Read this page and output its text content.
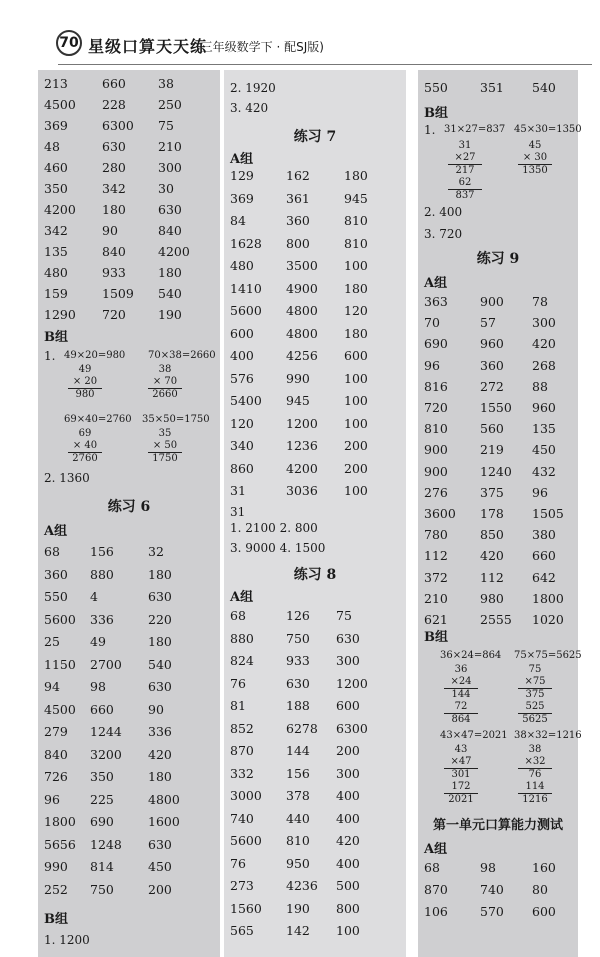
70 星级口算天天练
(三年级数学下 · 配SJ版)
213	660	38
4500 228	250
369	6300 75
48	630	210
460	280	300
350	342	30
4200 180	630
342	90	840
135	840	4200
480	933	180
159	1509 540
1290 720	190
B组
1. 49×20=980 70×38=2660
49
× 20
980
38
× 70
2660
69×40=2760 35×50=1750
69
× 40
2760
35
× 50
1750
2. 1360
练习 6
A组
68 156	32
360 880	180
550 4	630
5600 336	220
25 49	180
1150 2700 540
94 98	630
4500 660	90
279 1244 336
840 3200 420
726 350	180
96 225	4800
1800 690	1600
5656 1248 630
990 814	450
252 750	200
B组
1. 1200
2. 1920
3. 420
练习 7
A组
129	162	180
369	361	945
84	360	810
1628 800	810
480	3500 100
1410 4900 180
5600 4800 120
600	4800 180
400	4256 600
576	990	100
5400 945	100
120	1200 100
340	1236 200
860	4200 200
31	3036 100
31
1. 2100 2. 800
3. 9000 4. 1500
练习 8
A组
68	126 75
880	750 630
824	933 300
76	630 1200
81	188 600
852	6278 6300
870	144 200
332	156 300
3000 378 400
740	440 400
5600 810 420
76	950 400
273	4236 500
1560 190 800
565	142 100
550	351 540
B组
1. 31×27=837 45×30=1350
31
×27
217
62
837
45
× 30
1350
2. 400
3. 720
练习 9
A组
363	900 78
70	57	300
690	960 420
96	360 268
816	272 88
720	1550 960
810	560 135
900	219 450
900	1240 432
276	375 96
3600 178 1505
780	850 380
112	420 660
372	112 642
210	980 1800
621	2555 1020
B组
36×24=864 75×75=5625
36
×24
144
72
864
75
×75
375
525
5625
43×47=2021 38×32=1216
43
×47
301
172
2021
38
×32
76
114
1216
第一单元口算能力测试
A组
68	98	160
870	740 80
106	570 600
